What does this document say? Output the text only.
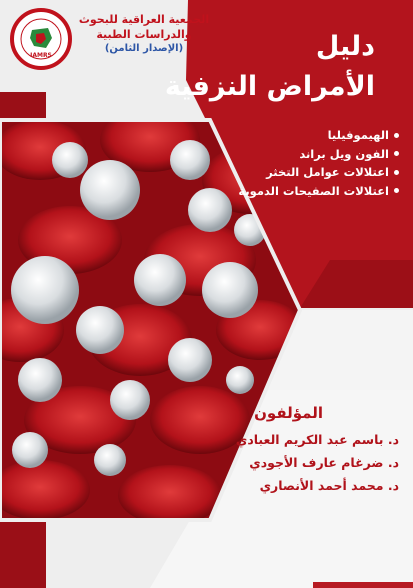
IAMRS
الجمعية العراقية للبحوث
والدراسات الطبية
(الإصدار الثامن)	دليل
الأمراض النزفية
الهيموفيليا
الفون ويل براند
اعتلالات عوامل التخثر
اعتلالات الصفيحات الدموية
المؤلفون
د. باسم عبد الكريم العبادي
د. ضرغام عارف الأجودي
د. محمد أحمد الأنصاري
